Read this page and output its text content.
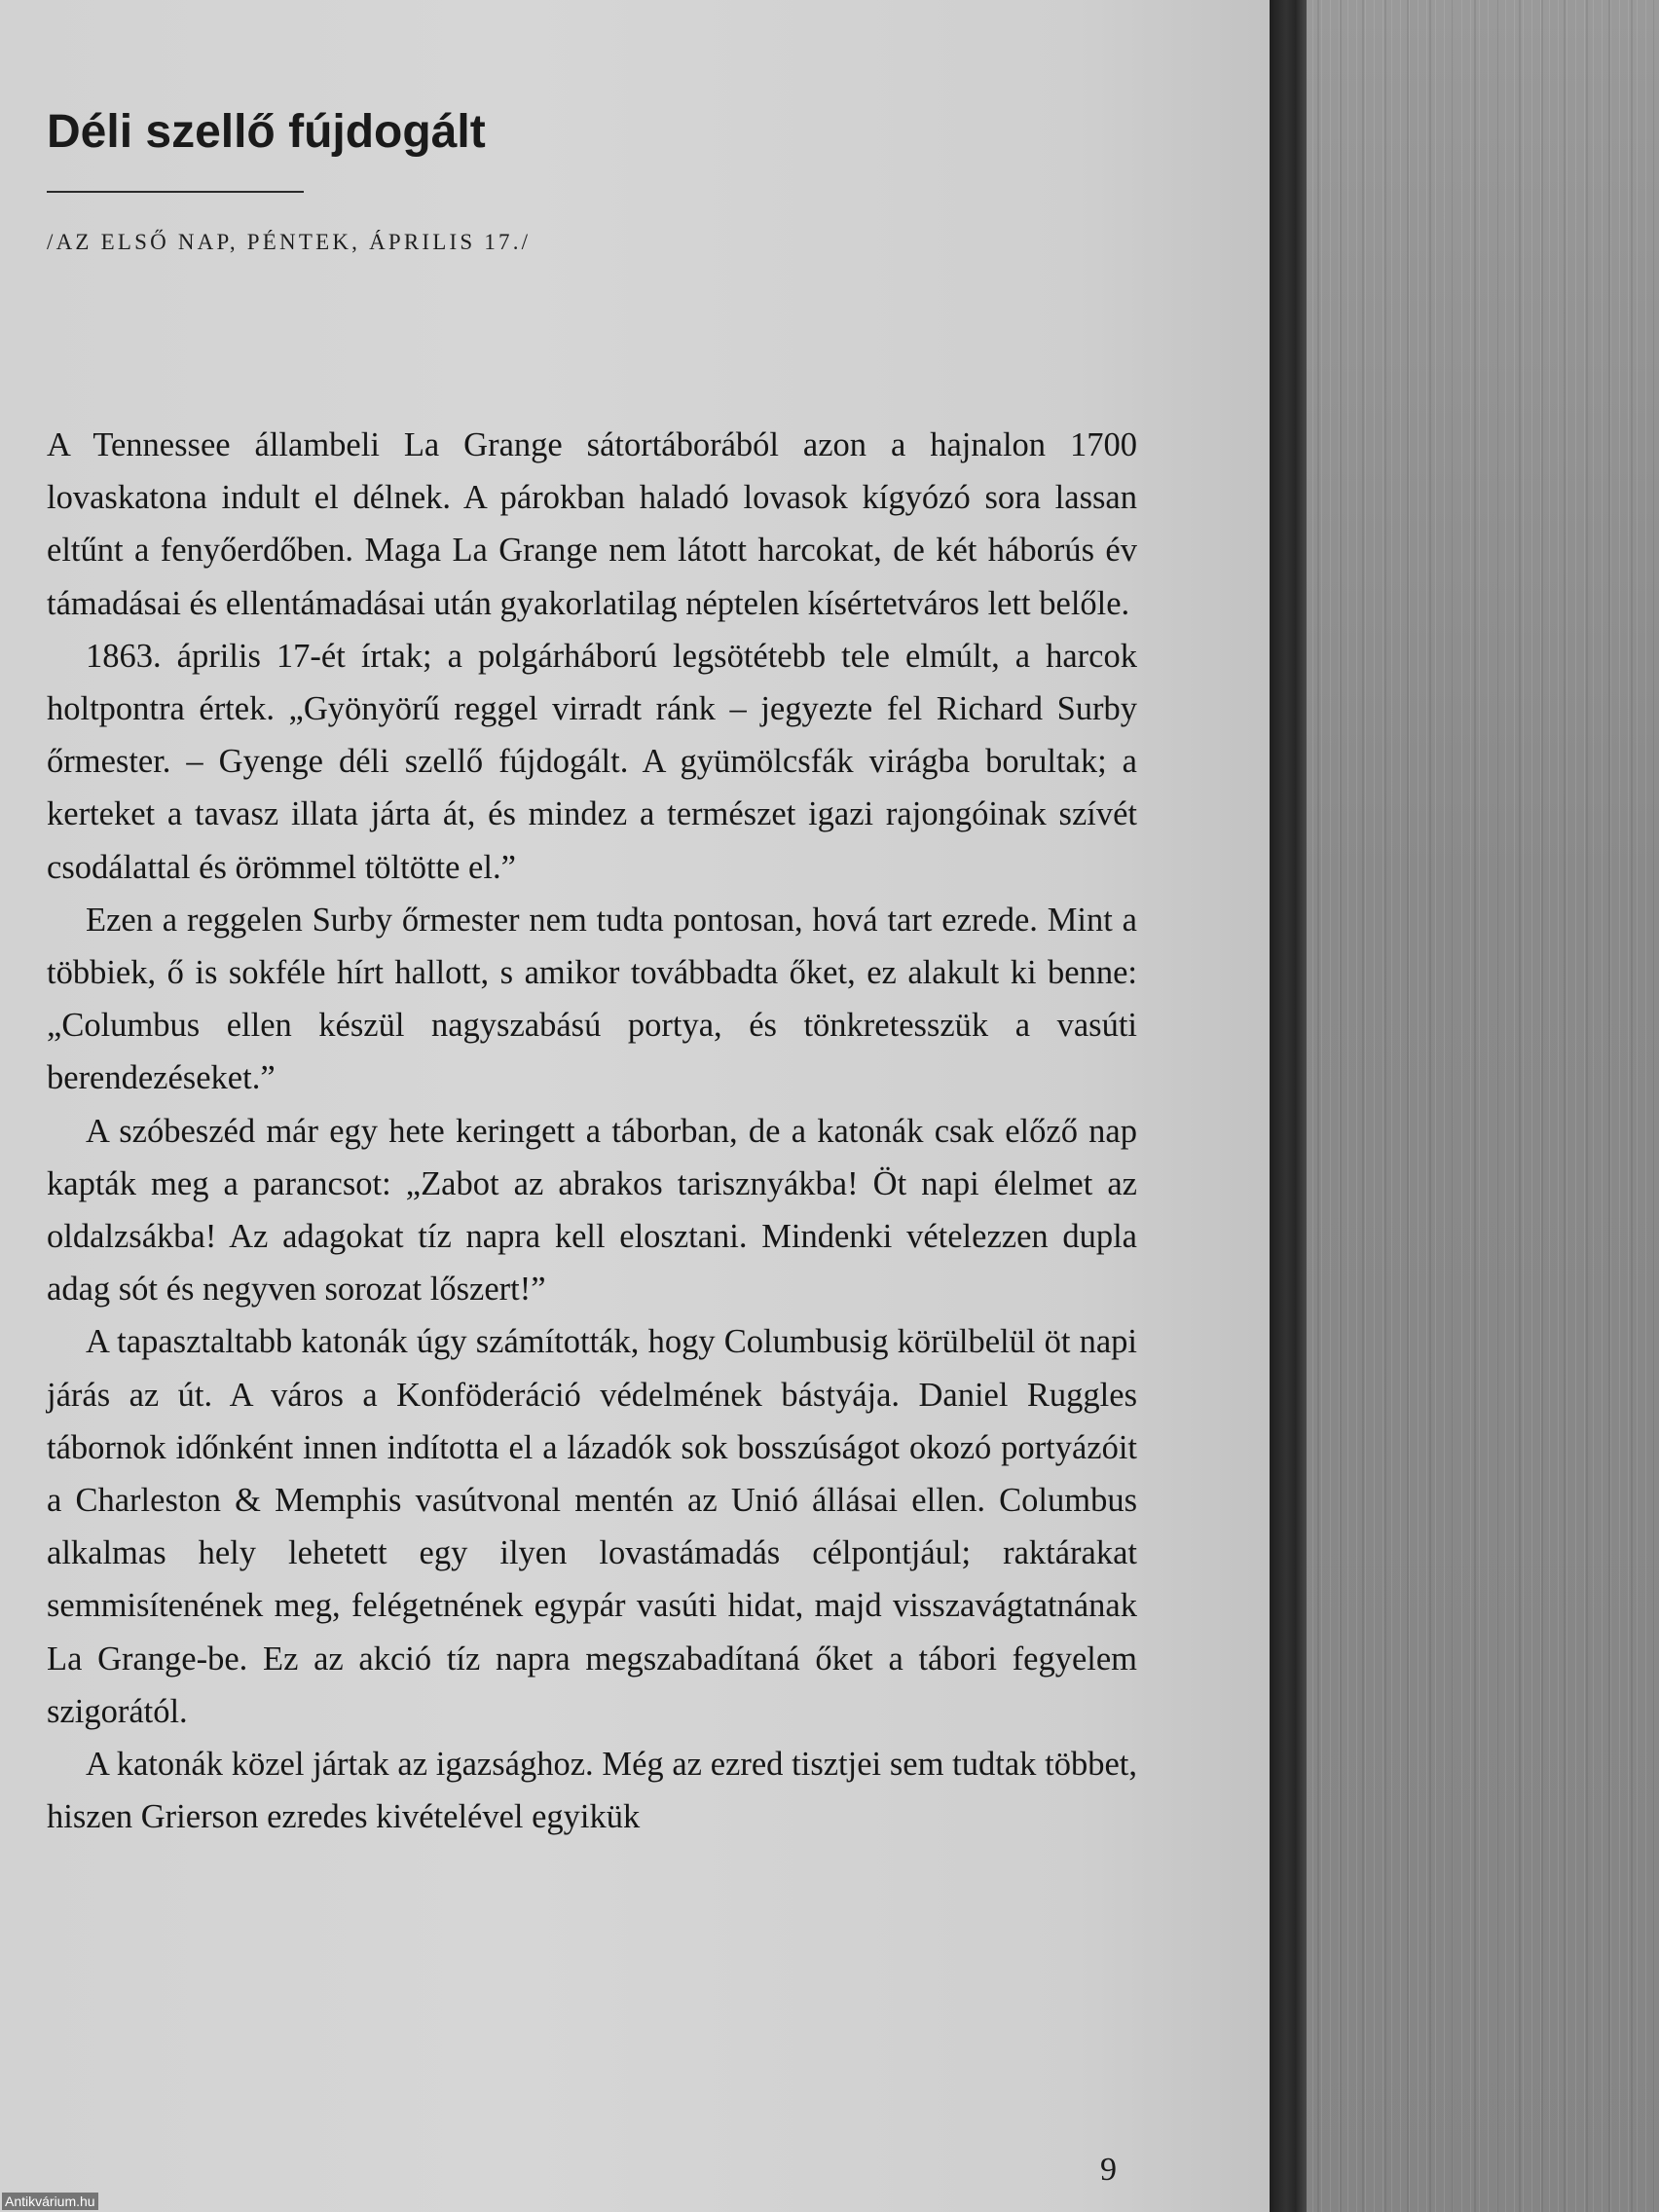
Déli szellő fújdogált

/AZ ELSŐ NAP, PÉNTEK, ÁPRILIS 17./

A Tennessee állambeli La Grange sátortáborából azon a hajnalon 1700 lovaskatona indult el délnek. A párokban haladó lovasok kígyózó sora lassan eltűnt a fenyőerdőben. Maga La Grange nem látott harcokat, de két háborús év támadásai és ellentámadásai után gyakorlatilag néptelen kísértetváros lett belőle.

1863. április 17-ét írtak; a polgárháború legsötétebb tele elmúlt, a harcok holtpontra értek. „Gyönyörű reggel virradt ránk – jegyezte fel Richard Surby őrmester. – Gyenge déli szellő fújdogált. A gyümölcsfák virágba borultak; a kerteket a tavasz illata járta át, és mindez a természet igazi rajongóinak szívét csodálattal és örömmel töltötte el.”

Ezen a reggelen Surby őrmester nem tudta pontosan, hová tart ezrede. Mint a többiek, ő is sokféle hírt hallott, s amikor továbbadta őket, ez alakult ki benne: „Columbus ellen készül nagyszabású portya, és tönkretesszük a vasúti berendezéseket.”

A szóbeszéd már egy hete keringett a táborban, de a katonák csak előző nap kapták meg a parancsot: „Zabot az abrakos tarisznyákba! Öt napi élelmet az oldalzsákba! Az adagokat tíz napra kell elosztani. Mindenki vételezzen dupla adag sót és negyven sorozat lőszert!”

A tapasztaltabb katonák úgy számították, hogy Columbusig körülbelül öt napi járás az út. A város a Konföderáció védelmének bástyája. Daniel Ruggles tábornok időnként innen indította el a lázadók sok bosszúságot okozó portyázóit a Charleston & Memphis vasútvonal mentén az Unió állásai ellen. Columbus alkalmas hely lehetett egy ilyen lovastámadás célpontjául; raktárakat semmisítenének meg, felégetnének egypár vasúti hidat, majd visszavágtatnának La Grange-be. Ez az akció tíz napra megszabadítaná őket a tábori fegyelem szigorától.

A katonák közel jártak az igazsághoz. Még az ezred tisztjei sem tudtak többet, hiszen Grierson ezredes kivételével egyikük

9

Antikvárium.hu
